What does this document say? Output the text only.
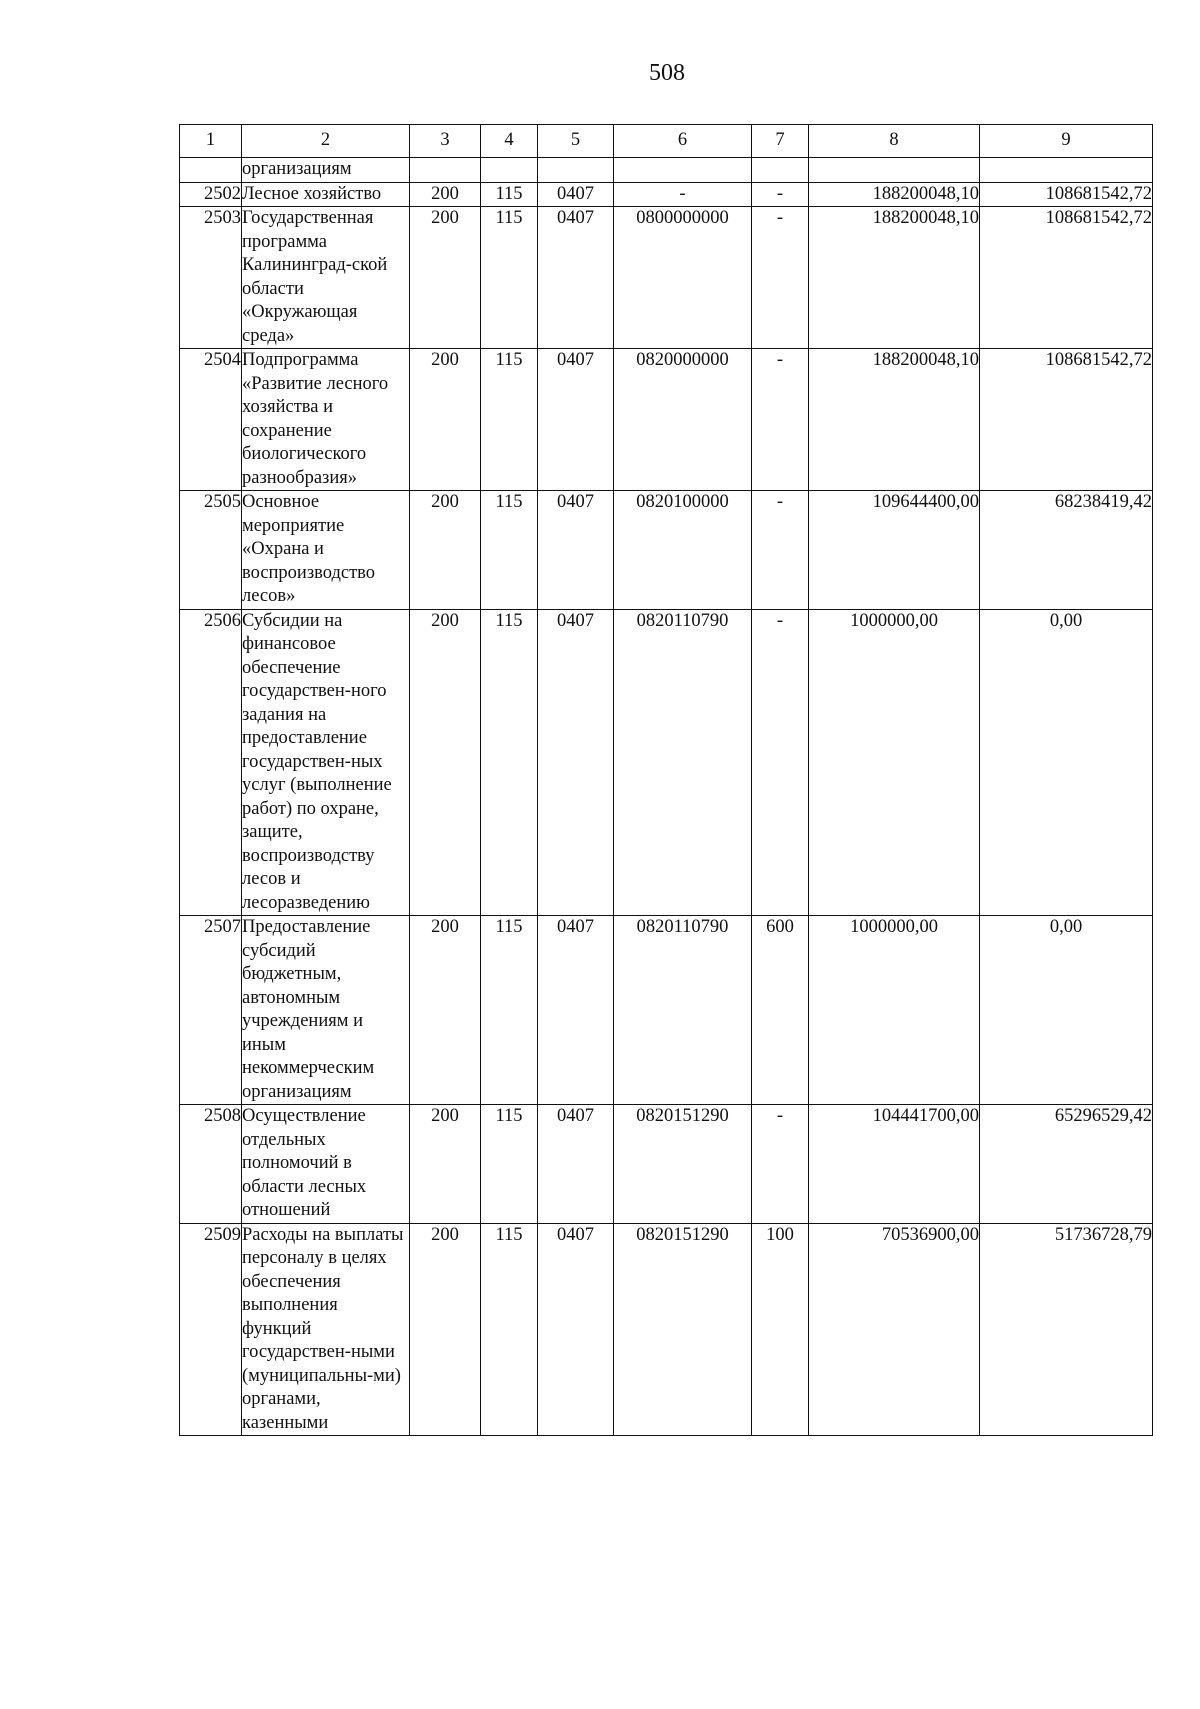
508
1	2	3	4	5	6	7	8	9
	организациям							
2502	Лесное хозяйство	200	115	0407	-	-	188200048,10	108681542,72
2503	Государственная программа Калининград-ской области «Окружающая среда»	200	115	0407	0800000000	-	188200048,10	108681542,72
2504	Подпрограмма «Развитие лесного хозяйства и сохранение биологического разнообразия»	200	115	0407	0820000000	-	188200048,10	108681542,72
2505	Основное мероприятие «Охрана и воспроизводство лесов»	200	115	0407	0820100000	-	109644400,00	68238419,42
2506	Субсидии на финансовое обеспечение государствен-ного задания на предоставление государствен-ных услуг (выполнение работ) по охране, защите, воспроизводству лесов и лесоразведению	200	115	0407	0820110790	-	1000000,00	0,00
2507	Предоставление субсидий бюджетным, автономным учреждениям и иным некоммерческим организациям	200	115	0407	0820110790	600	1000000,00	0,00
2508	Осуществление отдельных полномочий в области лесных отношений	200	115	0407	0820151290	-	104441700,00	65296529,42
2509	Расходы на выплаты персоналу в целях обеспечения выполнения функций государствен-ными (муниципальны-ми) органами, казенными	200	115	0407	0820151290	100	70536900,00	51736728,79
